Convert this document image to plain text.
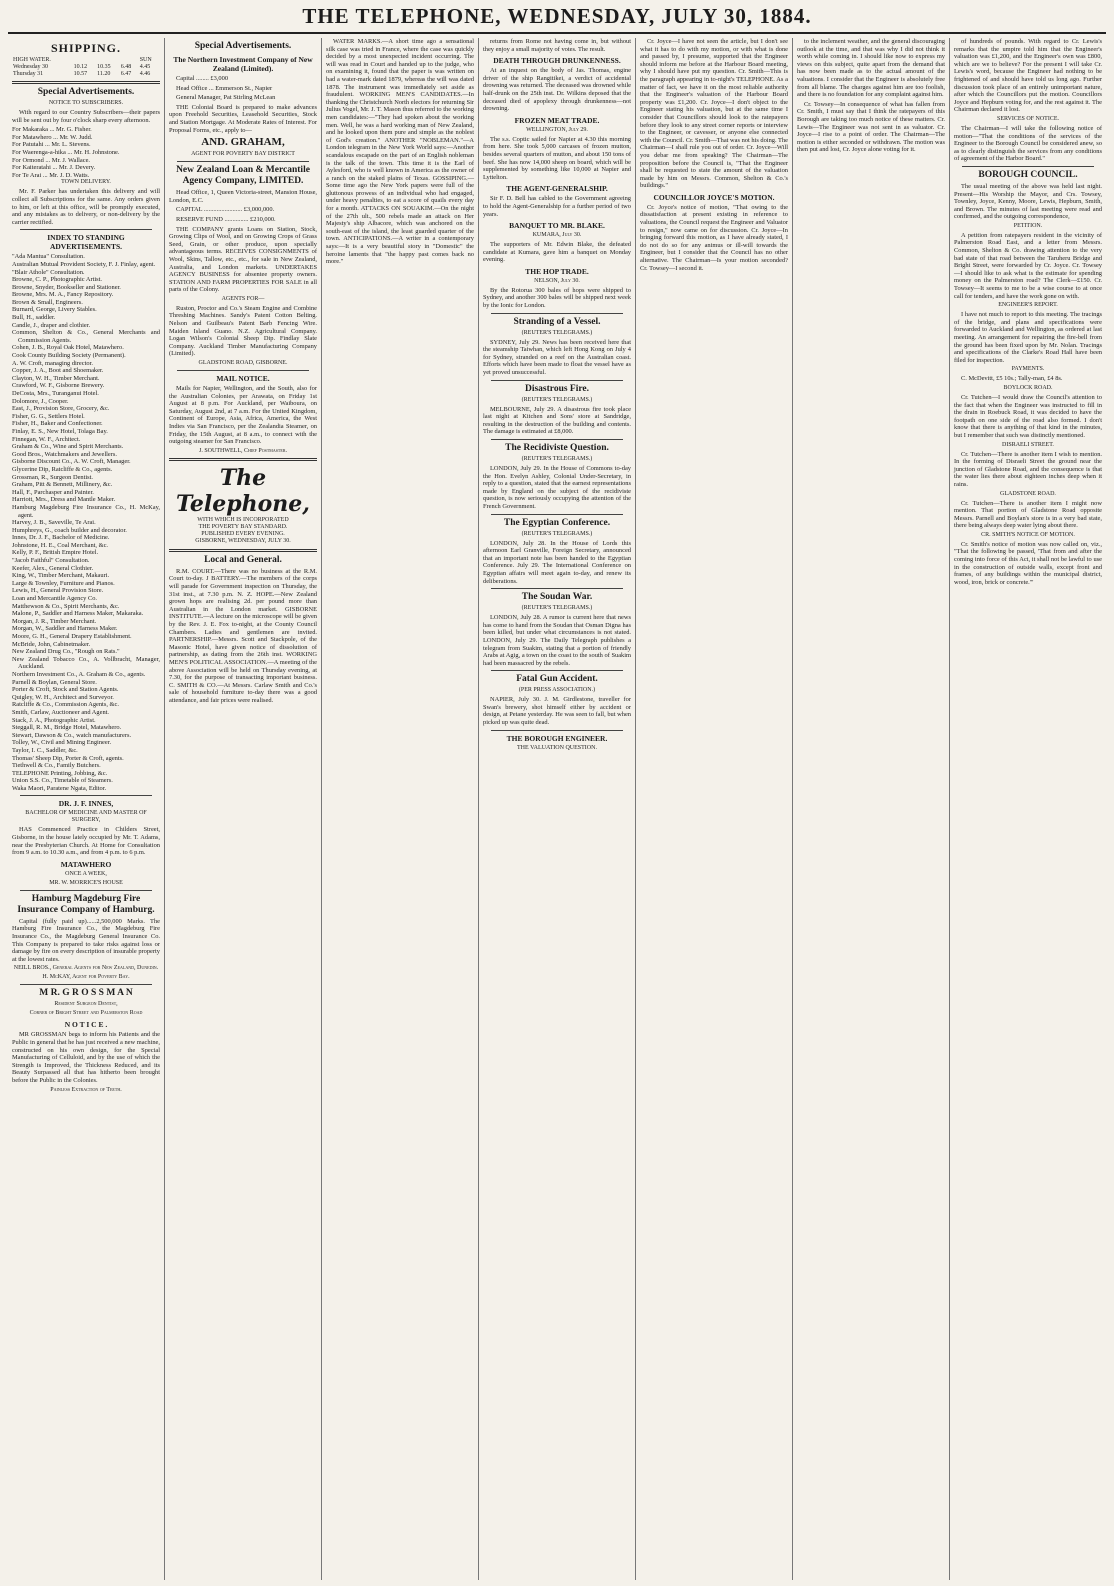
THE TELEPHONE, WEDNESDAY, JULY 30, 1884.
SHIPPING.
HIGH WATER.				SUN
Wednesday 30	10.12	10.35	6.48	4.45
Thursday 31	10.57	11.20	6.47	4.46
Special Advertisements.
NOTICE TO SUBSCRIBERS.

With regard to our Country Subscribers—their papers will be sent out by four o'clock sharp every afternoon.

For Makaraka ... Mr. G. Fisher.

For Matawhero ... Mr. W. Judd.

For Patutahi ... Mr. L. Stevens.

For Waerenga-a-hika ... Mr. H. Johnstone.

For Ormond ... Mr. J. Wallace.

For Kaiteratahi ... Mr. J. Devery.

For Te Arai ... Mr. J. D. Watts.

TOWN DELIVERY.

Mr. F. Parker has undertaken this delivery and will collect all Subscriptions for the same. Any orders given to him, or left at this office, will be promptly executed, and any mistakes as to delivery, or non-delivery by the carrier rectified.

INDEX TO STANDING ADVERTISEMENTS.

"Ada Mantua" Consultation.

Australian Mutual Provident Society, F. J. Finlay, agent.

"Blair Athole" Consultation.

Browne, C. P., Photographic Artist.

Browne, Snyder, Bookseller and Stationer.

Browne, Mrs. M. A., Fancy Repository.

Brown & Small, Engineers.

Burnard, George, Livery Stables.

Bull, H., saddler.

Candle, J., draper and clothier.

Common, Shelton & Co., General Merchants and Commission Agents.

Cohen, J. B., Royal Oak Hotel, Matawhero.

Cook County Building Society (Permanent).

A. W. Croft, managing director.

Copper, J. A., Boot and Shoemaker.

Clayton, W. H., Timber Merchant.

Crawford, W. F., Gisborne Brewery.

DeCosta, Mrs., Turanganui Hotel.

Dolomore, J., Cooper.

East, J., Provision Store, Grocery, &c.

Fisher, G. G., Settlers Hotel.

Fisher, H., Baker and Confectioner.

Finlay, E. S., New Hotel, Tolaga Bay.

Finnegan, W. F., Architect.

Graham & Co., Wine and Spirit Merchants.

Good Bros., Watchmakers and Jewellers.

Gisborne Discount Co., A. W. Croft, Manager.

Glycerine Dip, Ratcliffe & Co., agents.

Grossman, R., Surgeon Dentist.

Graham, Pitt & Bennett, Millinery, &c.

Hall, F., Parchasper and Painter.

Harriott, Mrs., Dress and Mantle Maker.

Hamburg Magdeburg Fire Insurance Co., H. McKay, agent.

Harvey, J. B., Saveville, Te Arai.

Humphreys, G., coach builder and decorator.

Innes, Dr. J. F., Bachelor of Medicine.

Johnstone, H. E., Coal Merchant, &c.

Kelly, P. F., British Empire Hotel.

"Jacob Faithful" Consultation.

Keefer, Alex., General Clothier.

King, W., Timber Merchant, Makauri.

Large & Townley, Furniture and Pianos.

Lewis, H., General Provision Store.

Loan and Mercantile Agency Co.

Matthewson & Co., Spirit Merchants, &c.

Malone, P., Saddler and Harness Maker, Makaraka.

Morgan, J. R., Timber Merchant.

Morgan, W., Saddler and Harness Maker.

Moore, G. H., General Drapery Establishment.

McBride, John, Cabinetmaker.

New Zealand Drug Co., "Rough on Rats."

New Zealand Tobacco Co., A. Vollbracht, Manager, Auckland.

Northern Investment Co., A. Graham & Co., agents.

Parnell & Boylan, General Store.

Porter & Croft, Stock and Station Agents.

Quigley, W. H., Architect and Surveyor.

Ratcliffe & Co., Commission Agents, &c.

Smith, Carlaw, Auctioneer and Agent.

Stack, J. A., Photographic Artist.

Steggall, R. M., Bridge Hotel, Matawhero.

Stewart, Dawson & Co., watch manufacturers.

Tolley, W., Civil and Mining Engineer.

Taylor, I. C., Saddler, &c.

Thomas' Sheep Dip, Porter & Croft, agents.

Tiethwell & Co., Family Butchers.

TELEPHONE Printing, Jobbing, &c.

Union S.S. Co., Timetable of Steamers.

Waka Maori, Paratene Ngata, Editor.

DR. J. F. INNES,
BACHELOR OF MEDICINE AND MASTER OF SURGERY,

HAS Commenced Practice in Childers Street, Gisborne, in the house lately occupied by Mr. T. Adams, near the Presbyterian Church. At Home for Consultation from 9 a.m. to 10.30 a.m., and from 4 p.m. to 6 p.m.

MATAWHERO
ONCE A WEEK,
MR. W. MORRICE'S HOUSE
Hamburg Magdeburg Fire Insurance Company of Hamburg.

Capital (fully paid up)......2,500,000 Marks. The Hamburg Fire Insurance Co., the Magdeburg Fire Insurance Co., the Magdeburg General Insurance Co. This Company is prepared to take risks against loss or damage by fire on every description of insurable property at the lowest rates.

NEILL BROS., General Agents for New Zealand, Dunedin.
H. McKAY, Agent for Poverty Bay.
M R. G R O S S M A N
Resident Surgeon Dentist,
Corner of Bright Street and Palmerston Road
N O T I C E .

MR GROSSMAN begs to inform his Patients and the Public in general that he has just received a new machine, constructed on his own design, for the Special Manufacturing of Celluloid, and by the use of which the Strength is Improved, the Thickness Reduced, and its Beauty Surpassed all that has hitherto been brought before the Public in the Colonies.

Painless Extraction of Teeth.
Special Advertisements.
The Northern Investment Company of New Zealand (Limited).

Capital ........ £3,000

Head Office ... Emmerson St., Napier

General Manager, Pat Stirling McLean

THE Colonial Board is prepared to make advances upon Freehold Securities, Leasehold Securities, Stock and Station Mortgage. At Moderate Rates of Interest. For Proposal Forms, etc., apply to—

AND. GRAHAM,
AGENT FOR POVERTY BAY DISTRICT
New Zealand Loan & Mercantile Agency Company, LIMITED.

Head Office, 1, Queen Victoria-street, Mansion House, London, E.C.

CAPITAL ........................ £3,000,000.

RESERVE FUND ............... £210,000.

THE COMPANY grants Loans on Station, Stock, Growing Clips of Wool, and on Growing Crops of Grass Seed, Grain, or other produce, upon specially advantageous terms. RECEIVES CONSIGNMENTS of Wool, Skins, Tallow, etc., etc., for sale in New Zealand, Australia, and London markets. UNDERTAKES AGENCY BUSINESS for absentee property owners. STATION AND FARM PROPERTIES FOR SALE in all parts of the Colony.

AGENTS FOR—

Ruston, Proctor and Co.'s Steam Engine and Combine Threshing Machines. Sandy's Patent Cotton Belting. Nelson and Guilbeau's Patent Barb Fencing Wire. Maiden Island Guano. N.Z. Agricultural Company. Logan Wilson's Colonial Sheep Dip. Findlay Slate Company. Auckland Timber Manufacturing Company (Limited).

GLADSTONE ROAD, GISBORNE.
MAIL NOTICE.

Mails for Napier, Wellington, and the South, also for the Australian Colonies, per Arawata, on Friday 1st August at 8 p.m. For Auckland, per Waiboura, on Saturday, August 2nd, at 7 a.m. For the United Kingdom, Continent of Europe, Asia, Africa, America, the West Indies via San Francisco, per the Zealandia Steamer, on Friday, the 15th August, at 8 a.m., to connect with the outgoing steamer for San Francisco.

J. SOUTHWELL, Chief Postmaster.
The Telephone,
WITH WHICH IS INCORPORATED
THE POVERTY BAY STANDARD.
PUBLISHED EVERY EVENING.
GISBORNE, WEDNESDAY, JULY 30.
Local and General.

R.M. COURT.—There was no business at the R.M. Court to-day. J BATTERY.—The members of the corps will parade for Government inspection on Thursday, the 31st inst., at 7.30 p.m. N. Z. HOPE.—New Zealand grown hops are realising 2d. per pound more than Australian in the London market. GISBORNE INSTITUTE.—A lecture on the microscope will be given by the Rev. J. E. Fox to-night, at the County Council Chambers. Ladies and gentlemen are invited. PARTNERSHIP.—Messrs. Scott and Stackpole, of the Masonic Hotel, have given notice of dissolution of partnership, as dating from the 26th inst. WORKING MEN'S POLITICAL ASSOCIATION.—A meeting of the above Association will be held on Thursday evening, at 7.30, for the purpose of transacting important business. C. SMITH & CO.—At Messrs. Carlaw Smith and Co.'s sale of household furniture to-day there was a good attendance, and fair prices were realised.

WATER MARKS.—A short time ago a sensational silk case was tried in France, where the case was quickly decided by a most unexpected incident occurring. The will was read in Court and handed up to the judge, who on examining it, found that the paper is was written on had a water-mark dated 1879, whereas the will was dated 1878. The instrument was immediately set aside as fraudulent. WORKING MEN'S CANDIDATES.—In thanking the Christchurch North electors for returning Sir Julius Vogel, Mr. J. T. Mason thus referred to the working men candidates:—"They had spoken about the working men. Well, he was a hard working man of New Zealand, and he looked upon them pure and simple as the noblest of God's creation." ANOTHER "NOBLEMAN."—A London telegram in the New York World says:—Another scandalous escapade on the part of an English nobleman is the talk of the town. This time it is the Earl of Aylesford, who is well known in America as the owner of a ranch on the staked plains of Texas. GOSSIPING.—Some time ago the New York papers were full of the gluttonous prowess of an individual who had engaged, under heavy penalties, to eat a score of quails every day for a month. ATTACKS ON SOUAKIM.—On the night of the 27th ult., 500 rebels made an attack on Her Majesty's ship Albacore, which was anchored on the south-east of the island, the least guarded quarter of the town. ANTICIPATIONS.—A writer in a contemporary says:—It is a very beautiful story in "Domestic" the heroine laments that "the happy past comes back no more."

returns from Rome not having come in, but without they enjoy a small majority of votes. The result.

DEATH THROUGH DRUNKENNESS.

At an inquest on the body of Jas. Thomas, engine driver of the ship Rangitikei, a verdict of accidental drowning was returned. The deceased was drowned while half-drunk on the 25th inst. Dr. Wilkins deposed that the deceased died of apoplexy through drunkenness—not drowning.

FROZEN MEAT TRADE.
WELLINGTON, July 29.

The s.s. Coptic sailed for Napier at 4.30 this morning from here. She took 5,000 carcases of frozen mutton, besides several quarters of mutton, and about 150 tons of beef. She has now 14,000 sheep on board, which will be supplemented by something like 10,000 at Napier and Lyttelton.

THE AGENT-GENERALSHIP.

Sir F. D. Bell has cabled to the Government agreeing to hold the Agent-Generalship for a further period of two years.

BANQUET TO MR. BLAKE.
KUMARA, July 30.

The supporters of Mr. Edwin Blake, the defeated candidate at Kumara, gave him a banquet on Monday evening.

THE HOP TRADE.
NELSON, July 30.

By the Rotorua 300 bales of hops were shipped to Sydney, and another 300 bales will be shipped next week by the Ionic for London.

Stranding of a Vessel.
(REUTER'S TELEGRAMS.)

SYDNEY, July 29. News has been received here that the steamship Taiwhan, which left Hong Kong on July 4 for Sydney, stranded on a reef on the Australian coast. Efforts which have been made to float the vessel have as yet proved unsuccessful.

Disastrous Fire.
(REUTER'S TELEGRAMS.)

MELBOURNE, July 29. A disastrous fire took place last night at Kitchen and Sons' store at Sandridge, resulting in the destruction of the building and contents. The damage is estimated at £8,000.

The Recidiviste Question.
(REUTER'S TELEGRAMS.)

LONDON, July 29. In the House of Commons to-day the Hon. Evelyn Ashley, Colonial Under-Secretary, in reply to a question, stated that the earnest representations made by England on the subject of the recidiviste question, is now seriously occupying the attention of the French Government.

The Egyptian Conference.
(REUTER'S TELEGRAMS.)

LONDON, July 28. In the House of Lords this afternoon Earl Granville, Foreign Secretary, announced that an important note has been handed to the Egyptian Conference. July 29. The International Conference on Egyptian affairs will meet again to-day, and renew its deliberations.

The Soudan War.
(REUTER'S TELEGRAMS.)

LONDON, July 28. A rumor is current here that news has come to hand from the Soudan that Osman Digna has been killed, but under what circumstances is not stated. LONDON, July 29. The Daily Telegraph publishes a telegram from Suakim, stating that a portion of friendly Arabs at Agig, a town on the coast to the south of Suakim had been massacred by the rebels.

Fatal Gun Accident.
(PER PRESS ASSOCIATION.)

NAPIER, July 30. J. M. Girdlestone, traveller for Swan's brewery, shot himself either by accident or design, at Petane yesterday. He was seen to fall, but when picked up was quite dead.

THE BOROUGH ENGINEER.
THE VALUATION QUESTION.

Cr. Joyce—I have not seen the article, but I don't see what it has to do with my motion, or with what is done and passed by, I presume, supported that the Engineer should inform me before at the Harbour Board meeting, why I should have put my question. Cr. Smith—This is the paragraph appearing in to-night's TELEPHONE. As a matter of fact, we have it on the most reliable authority that the Engineer's valuation of the Harbour Board property was £1,200. Cr. Joyce—I don't object to the Engineer stating his valuation, but at the same time I consider that Councillors should look to the ratepayers before they look to any street corner reports or interview to the Engineer, or cavesser, or anyone else connected with the Council. Cr. Smith—That was not his doing. The Chairman—I shall rule you out of order. Cr. Joyce—Will you debar me from speaking? The Chairman—The proposition before the Council is, "That the Engineer shall be requested to state the amount of the valuation made by him on Messrs. Common, Shelton & Co.'s buildings."

COUNCILLOR JOYCE'S MOTION.

Cr. Joyce's notice of motion, "That owing to the dissatisfaction at present existing in reference to valuations, the Council request the Engineer and Valuator to resign," now came on for discussion. Cr. Joyce—In bringing forward this motion, as I have already stated, I do not do so for any animus or ill-will towards the Engineer, but I consider that the Council has no other alternative. The Chairman—Is your motion seconded? Cr. Towsey—I second it.

to the inclement weather, and the general discouraging outlook at the time, and that was why I did not think it worth while coming in. I should like now to express my views on this subject, quite apart from the demand that has now been made as to the actual amount of the valuations. I consider that the Engineer is absolutely free from all blame. The charges against him are too foolish, and there is no foundation for any complaint against him.

Cr. Towsey—In consequence of what has fallen from Cr. Smith, I must say that I think the ratepayers of this Borough are taking too much notice of these matters. Cr. Lewis—The Engineer was not sent in as valuator. Cr. Joyce—I rise to a point of order. The Chairman—The motion is either seconded or withdrawn. The motion was then put and lost, Cr. Joyce alone voting for it.

of hundreds of pounds. With regard to Cr. Lewis's remarks that the umpire told him that the Engineer's valuation was £1,200, and the Engineer's own was £800, which are we to believe? For the present I will take Cr. Lewis's word, because the Engineer had nothing to be frightened of and should have told us long ago. Further discussion took place of an entirely unimportant nature, after which the Councillors put the motion. Councillors Joyce and Hepburn voting for, and the rest against it. The Chairman declared it lost.

SERVICES OF NOTICE.

The Chairman—I will take the following notice of motion—"That the conditions of the services of the Engineer to the Borough Council be considered anew, so as to clearly distinguish the services from any conditions of agreement of the Harbor Board."

BOROUGH COUNCIL.

The usual meeting of the above was held last night. Present—His Worship the Mayor, and Crs. Towsey, Townley, Joyce, Kenny, Moore, Lewis, Hepburn, Smith, and Brown. The minutes of last meeting were read and confirmed, and the outgoing correspondence,

PETITION.

A petition from ratepayers resident in the vicinity of Palmerston Road East, and a letter from Messrs. Common, Shelton & Co. drawing attention to the very bad state of that road between the Taruheru Bridge and Bright Street, were forwarded by Cr. Joyce. Cr. Towsey—I should like to ask what is the estimate for spending money on the Palmerston road? The Clerk—£150. Cr. Towsey—It seems to me to be a wise course to at once call for tenders, and have the work gone on with.

ENGINEER'S REPORT.

I have not much to report to this meeting. The tracings of the bridge, and plans and specifications were forwarded to Auckland and Wellington, as ordered at last meeting. An arrangement for repairing the fire-bell from the ground has been fixed upon by Mr. Nolan. Tracings and specifications of the Clarke's Road Hall have been filed for inspection.

PAYMENTS.

C. McDevitt, £5 10s.; Tally-man, £4 8s.

BOYLOCK ROAD.

Cr. Tutchen—I would draw the Council's attention to the fact that when the Engineer was instructed to fill in the drain in Roebuck Road, it was decided to have the footpath on one side of the road also formed. I don't know that there is anything of that kind in the minutes, but I remember that such was distinctly mentioned.

DISRAELI STREET.

Cr. Tutchen—There is another item I wish to mention. In the forming of Disraeli Street the ground near the junction of Gladstone Road, and the consequence is that the water lies there about eighteen inches deep when it rains.

GLADSTONE ROAD.

Cr. Tutchen—There is another item I might now mention. That portion of Gladstone Road opposite Messrs. Parnell and Boylan's store is in a very bad state, there being always deep water lying about there.

CR. SMITH'S NOTICE OF MOTION.

Cr. Smith's notice of motion was now called on, viz., "That the following be passed, 'That from and after the coming into force of this Act, it shall not be lawful to use in the construction of outside walls, except front and frames, of any buildings within the municipal district, wood, iron, brick or concrete.'"
